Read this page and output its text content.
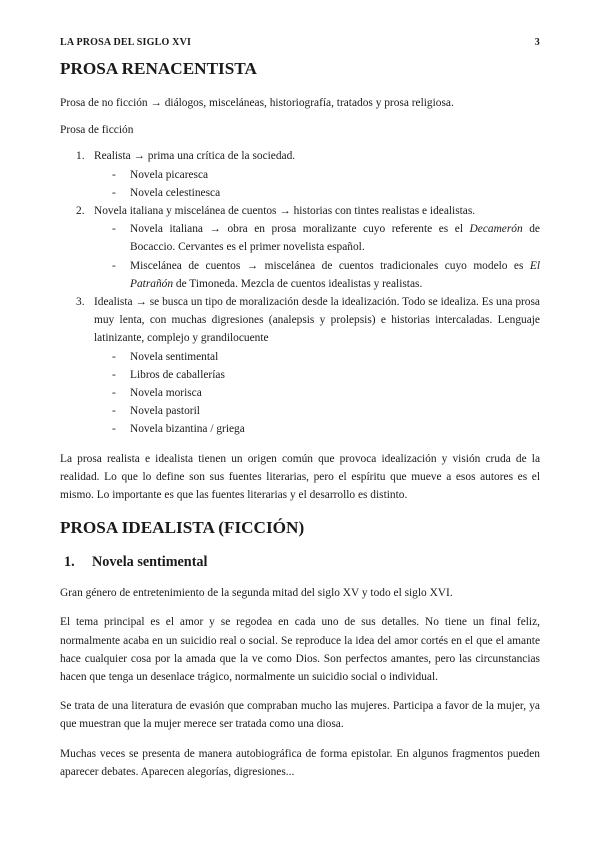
LA PROSA DEL SIGLO XVI	3
PROSA RENACENTISTA

Prosa de no ficción → diálogos, misceláneas, historiografía, tratados y prosa religiosa.

Prosa de ficción

1. Realista → prima una crítica de la sociedad.
- Novela picaresca
- Novela celestinesca
2. Novela italiana y miscelánea de cuentos → historias con tintes realistas e idealistas.
- Novela italiana → obra en prosa moralizante cuyo referente es el Decamerón de Bocaccio. Cervantes es el primer novelista español.
- Miscelánea de cuentos → miscelánea de cuentos tradicionales cuyo modelo es El Patrañón de Timoneda. Mezcla de cuentos idealistas y realistas.
3. Idealista → se busca un tipo de moralización desde la idealización. Todo se idealiza. Es una prosa muy lenta, con muchas digresiones (analepsis y prolepsis) e historias intercaladas. Lenguaje latinizante, complejo y grandilocuente
- Novela sentimental
- Libros de caballerías
- Novela morisca
- Novela pastoril
- Novela bizantina / griega

La prosa realista e idealista tienen un origen común que provoca idealización y visión cruda de la realidad. Lo que lo define son sus fuentes literarias, pero el espíritu que mueve a esos autores es el mismo. Lo importante es que las fuentes literarias y el desarrollo es distinto.

PROSA IDEALISTA (FICCIÓN)
1. Novela sentimental

Gran género de entretenimiento de la segunda mitad del siglo XV y todo el siglo XVI.

El tema principal es el amor y se regodea en cada uno de sus detalles. No tiene un final feliz, normalmente acaba en un suicidio real o social. Se reproduce la idea del amor cortés en el que el amante hace cualquier cosa por la amada que la ve como Dios. Son perfectos amantes, pero las circunstancias hacen que tenga un desenlace trágico, normalmente un suicidio social o individual.

Se trata de una literatura de evasión que compraban mucho las mujeres. Participa a favor de la mujer, ya que muestran que la mujer merece ser tratada como una diosa.

Muchas veces se presenta de manera autobiográfica de forma epistolar. En algunos fragmentos pueden aparecer debates. Aparecen alegorías, digresiones...
